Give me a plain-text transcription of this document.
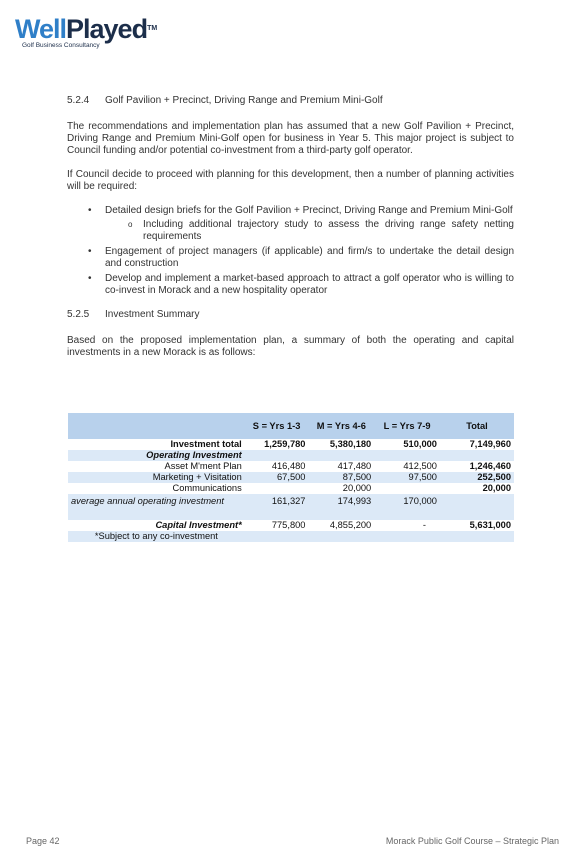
WellPlayed™
Golf Business Consultancy
5.2.4	Golf Pavilion + Precinct, Driving Range and Premium Mini-Golf

The recommendations and implementation plan has assumed that a new Golf Pavilion + Precinct, Driving Range and Premium Mini-Golf open for business in Year 5. This major project is subject to Council funding and/or potential co-investment from a third-party golf operator.

If Council decide to proceed with planning for this development, then a number of planning activities will be required:

• Detailed design briefs for the Golf Pavilion + Precinct, Driving Range and Premium Mini-Golf
o Including additional trajectory study to assess the driving range safety netting requirements
• Engagement of project managers (if applicable) and firm/s to undertake the detail design and construction
• Develop and implement a market-based approach to attract a golf operator who is willing to co-invest in Morack and a new hospitality operator
5.2.5	Investment Summary

Based on the proposed implementation plan, a summary of both the operating and capital investments in a new Morack is as follows:

	S = Yrs 1-3	M = Yrs 4-6	L = Yrs 7-9	Total
Investment total	1,259,780	5,380,180	510,000	7,149,960
Operating Investment				
Asset M'ment Plan	416,480	417,480	412,500	1,246,460
Marketing + Visitation	67,500	87,500	97,500	252,500
Communications		20,000		20,000
average annual operating investment	161,327	174,993	170,000	
Capital Investment*	775,800	4,855,200	-	5,631,000
*Subject to any co-investment				
Page 42	Morack Public Golf Course – Strategic Plan
